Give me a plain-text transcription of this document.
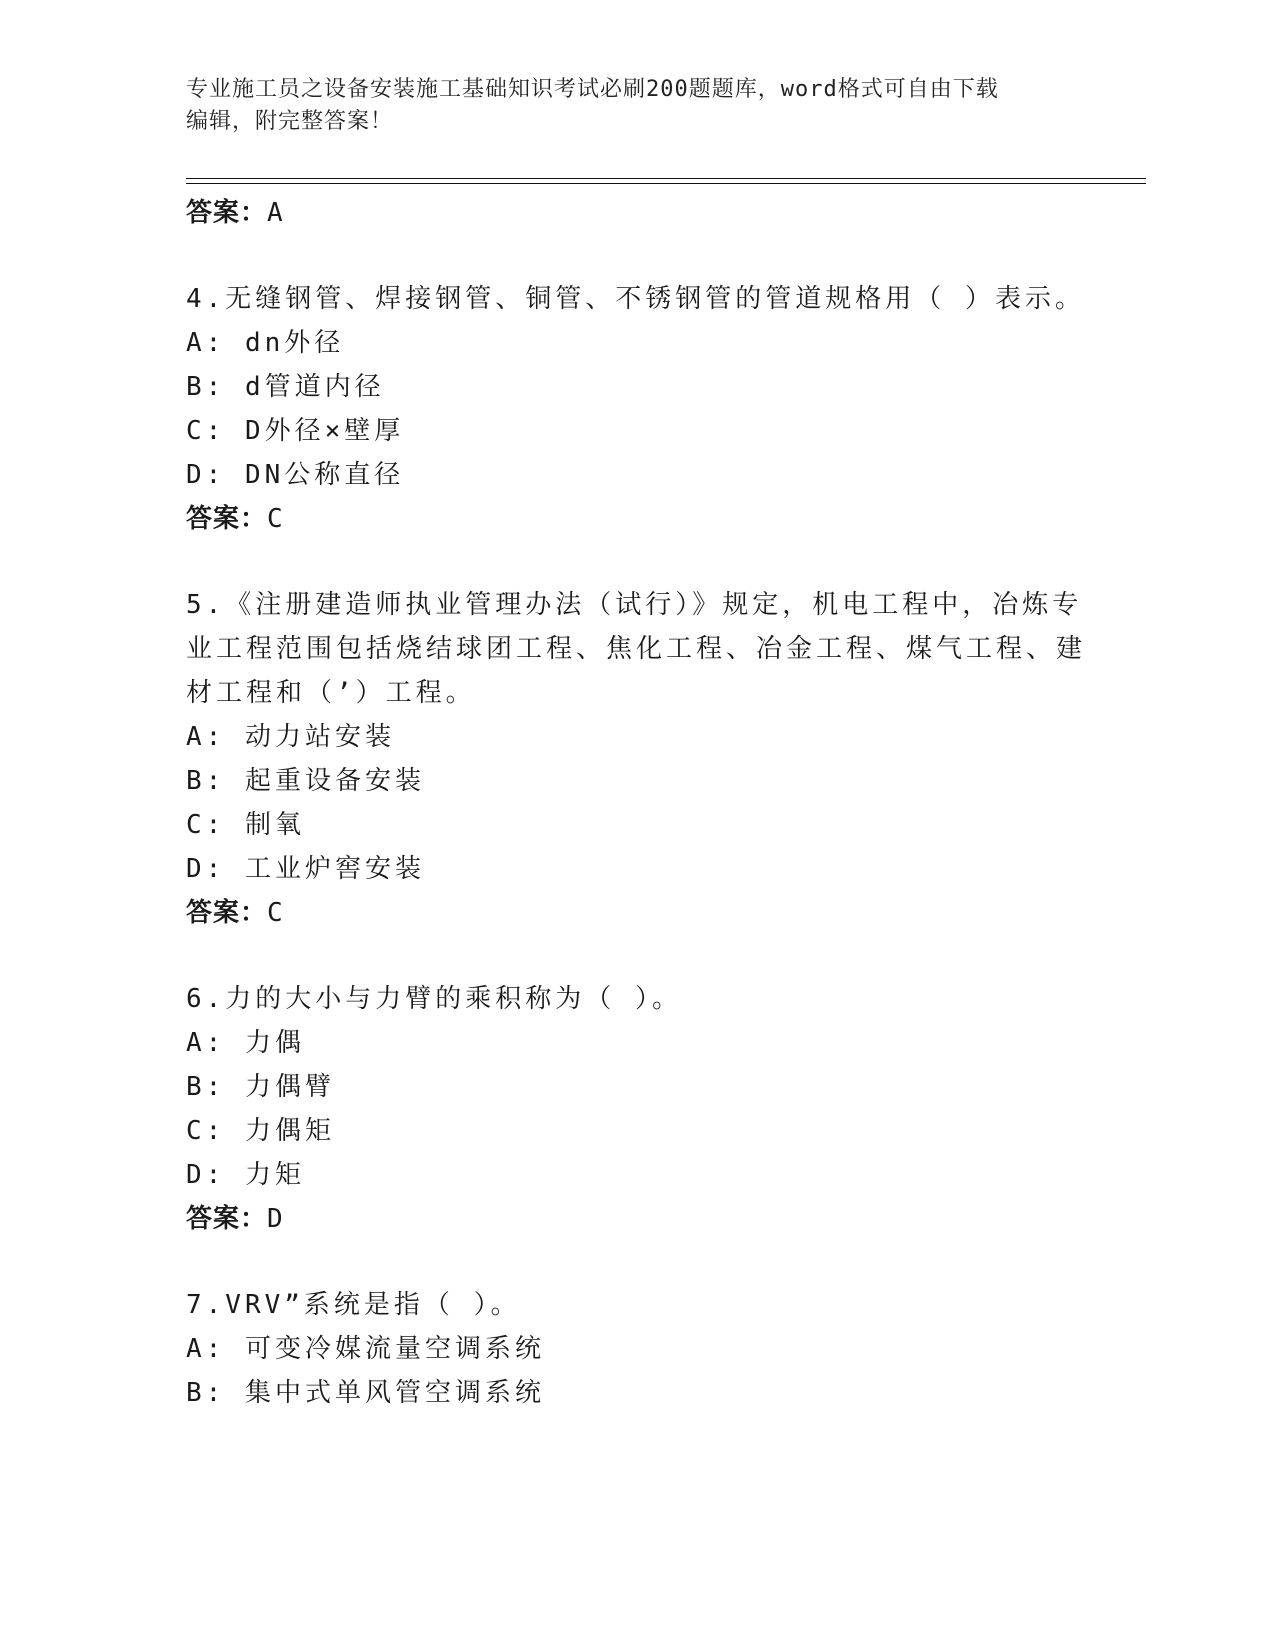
专业施工员之设备安装施工基础知识考试必刷200题题库，word格式可自由下载
编辑，附完整答案！
答案：A
4.无缝钢管、焊接钢管、铜管、不锈钢管的管道规格用（ ）表示。
A: dn外径
B: d管道内径
C: D外径×壁厚
D: DN公称直径
答案：C
5.《注册建造师执业管理办法（试行）》规定，机电工程中，冶炼专
业工程范围包括烧结球团工程、焦化工程、冶金工程、煤气工程、建
材工程和（’）工程。
A: 动力站安装
B: 起重设备安装
C: 制氧
D: 工业炉窖安装
答案：C
6.力的大小与力臂的乘积称为（ ）。
A: 力偶
B: 力偶臂
C: 力偶矩
D: 力矩
答案：D
7.VRV”系统是指（ ）。
A: 可变冷媒流量空调系统
B: 集中式单风管空调系统
